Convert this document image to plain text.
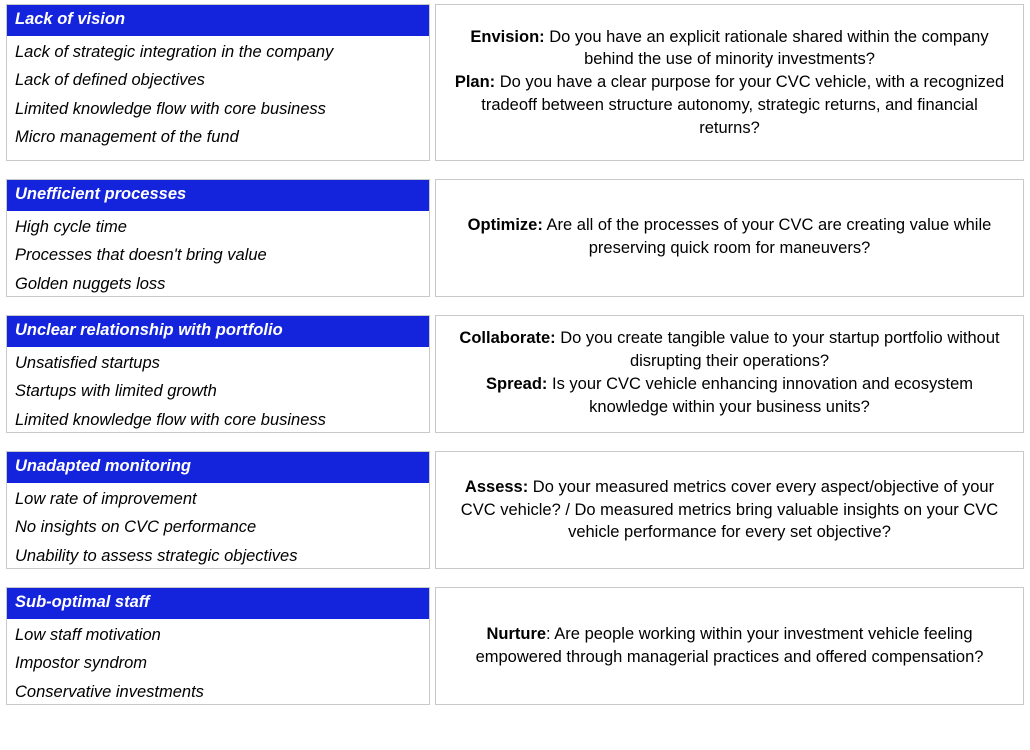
Lack of vision
Lack of strategic integration in the company
Lack of defined objectives
Limited knowledge flow with core business
Micro management of the fund
Envision: Do you have an explicit rationale shared within the company behind the use of minority investments?
Plan: Do you have a clear purpose for your CVC vehicle, with a recognized tradeoff between structure autonomy, strategic returns, and financial returns?
Unefficient processes
High cycle time
Processes that doesn't bring value
Golden nuggets loss
Optimize: Are all of the processes of your CVC are creating value while preserving quick room for maneuvers?
Unclear relationship with portfolio
Unsatisfied startups
Startups with limited growth
Limited knowledge flow with core business
Collaborate: Do you create tangible value to your startup portfolio without disrupting their operations?
Spread: Is your CVC vehicle enhancing innovation and ecosystem knowledge within your business units?
Unadapted monitoring
Low rate of improvement
No insights on CVC performance
Unability to assess strategic objectives
Assess: Do your measured metrics cover every aspect/objective of your CVC vehicle? / Do measured metrics bring valuable insights on your CVC vehicle performance for every set objective?
Sub-optimal staff
Low staff motivation
Impostor syndrom
Conservative investments
Nurture: Are people working within your investment vehicle feeling empowered through managerial practices and offered compensation?
